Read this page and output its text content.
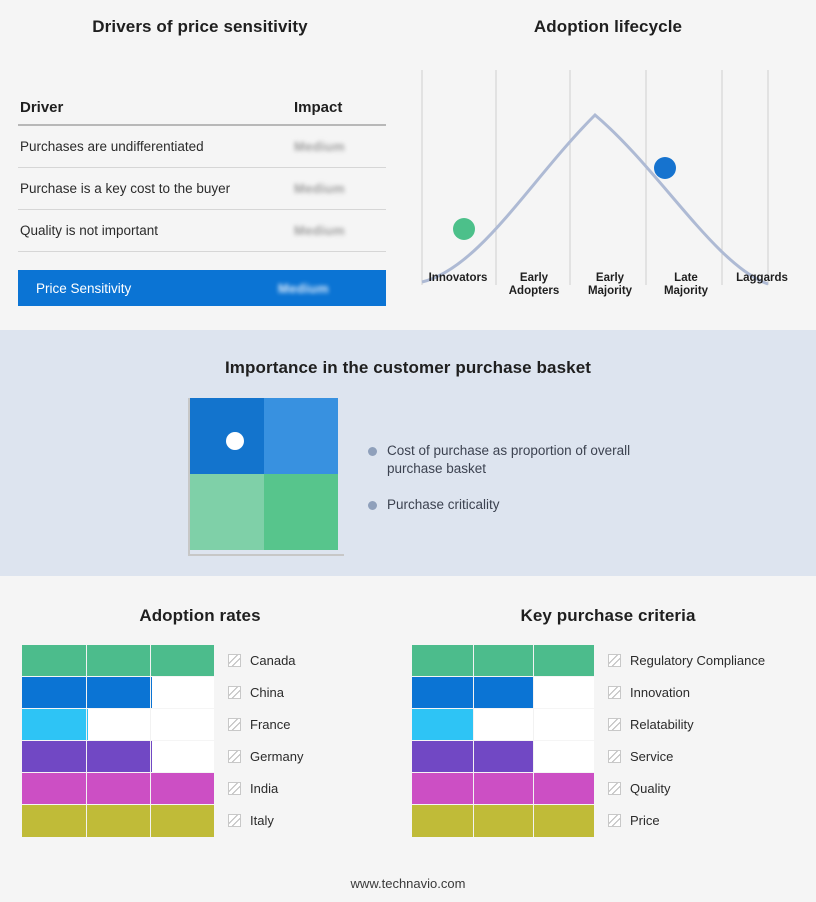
Drivers of price sensitivity
Driver	Impact
Purchases are undifferentiated	Medium
Purchase is a key cost to the buyer	Medium
Quality is not important	Medium
Price Sensitivity	Medium
Adoption lifecycle
Innovators	Early
Adopters
Early
Majority
Late
Majority
Laggards
Importance in the customer purchase basket
Cost of purchase as proportion of overall purchase basket
Purchase criticality
Adoption rates
Canada
China
France
Germany
India
Italy
Key purchase criteria
Regulatory Compliance
Innovation
Relatability
Service
Quality
Price
www.technavio.com
